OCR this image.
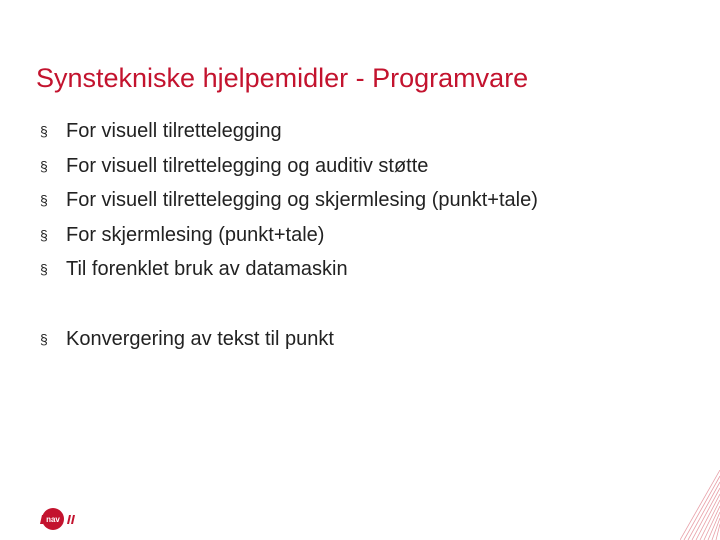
Synstekniske hjelpemidler - Programvare
§ For visuell tilrettelegging
§ For visuell tilrettelegging og auditiv støtte
§ For visuell tilrettelegging og skjermlesing (punkt+tale)
§ For skjermlesing (punkt+tale)
§ Til forenklet bruk av datamaskin
§ Konvergering av tekst til punkt
nav
